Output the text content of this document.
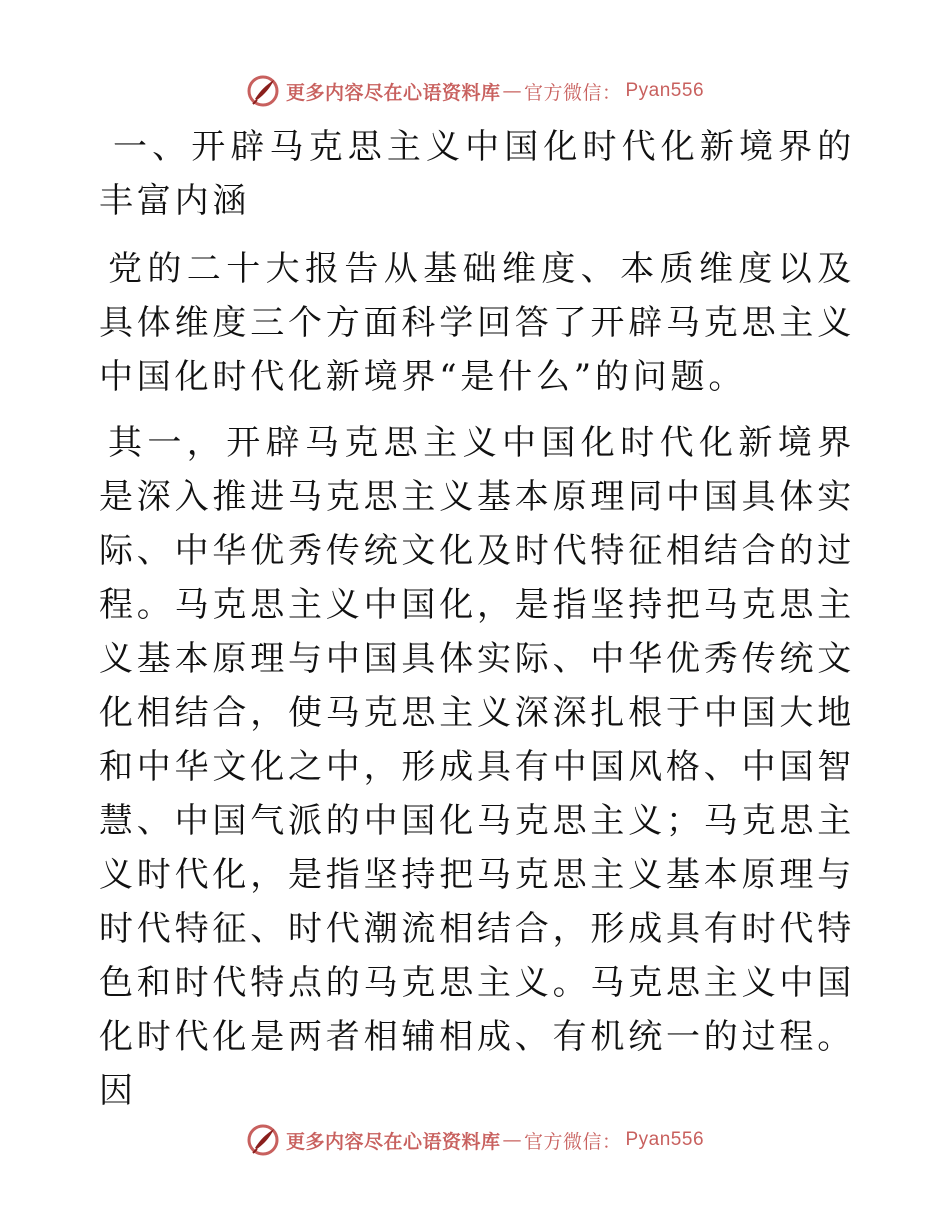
更多内容尽在心语资料库 — 官方微信： Pyan556

一、开辟马克思主义中国化时代化新境界的丰富内涵

党的二十大报告从基础维度、本质维度以及具体维度三个方面科学回答了开辟马克思主义中国化时代化新境界“是什么”的问题。

其一，开辟马克思主义中国化时代化新境界是深入推进马克思主义基本原理同中国具体实际、中华优秀传统文化及时代特征相结合的过程。马克思主义中国化，是指坚持把马克思主义基本原理与中国具体实际、中华优秀传统文化相结合，使马克思主义深深扎根于中国大地和中华文化之中，形成具有中国风格、中国智慧、中国气派的中国化马克思主义；马克思主义时代化，是指坚持把马克思主义基本原理与时代特征、时代潮流相结合，形成具有时代特色和时代特点的马克思主义。马克思主义中国化时代化是两者相辅相成、有机统一的过程。因

更多内容尽在心语资料库 — 官方微信： Pyan556
